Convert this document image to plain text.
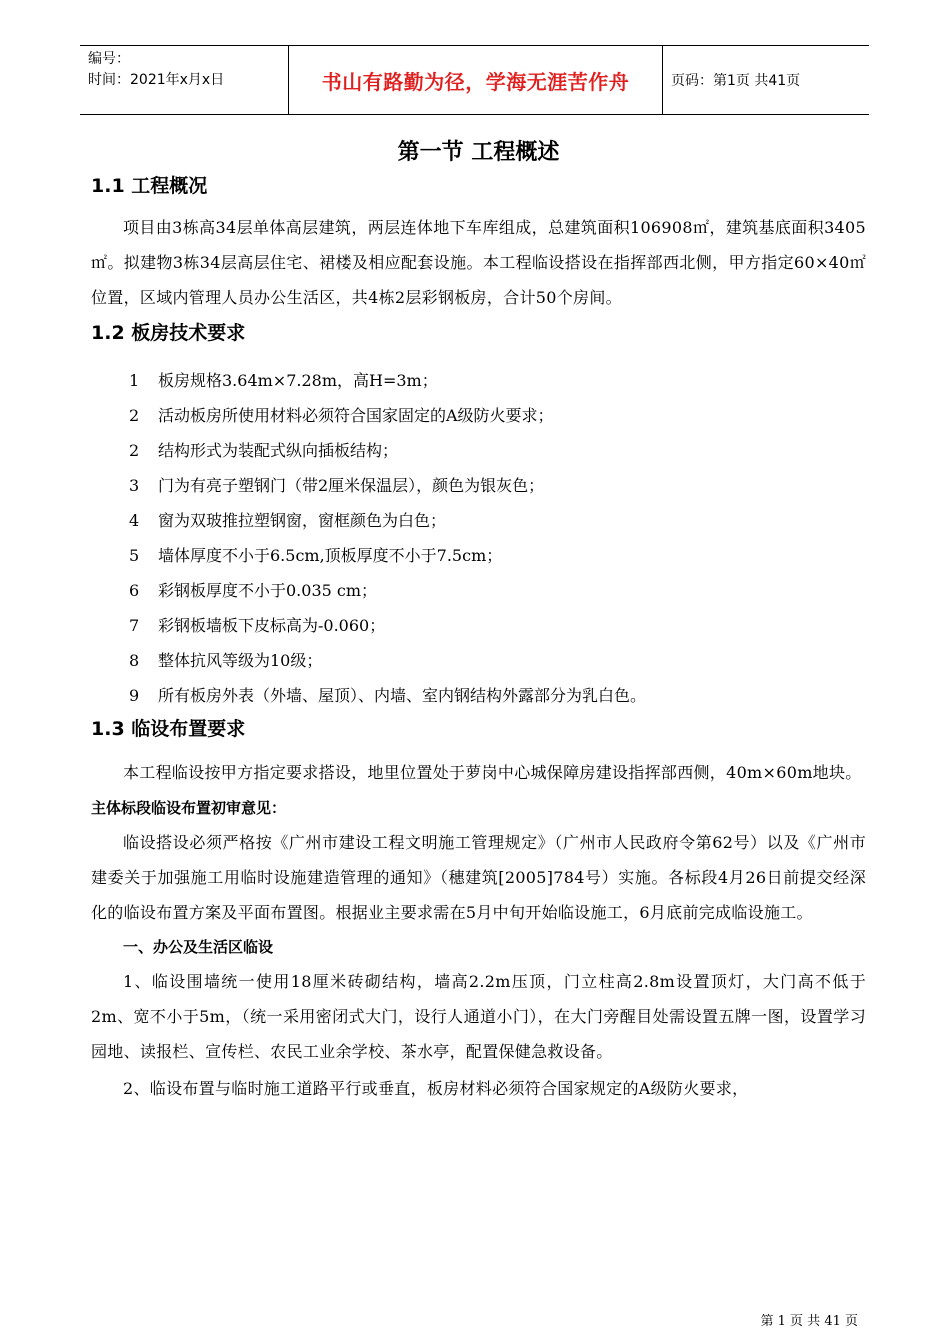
编号：
时间：2021年x月x日	书山有路勤为径，学海无涯苦作舟	页码：第1页 共41页
第一节 工程概述
1.1 工程概况

项目由3栋高34层单体高层建筑，两层连体地下车库组成，总建筑面积106908㎡，建筑基底面积3405㎡。拟建物3栋34层高层住宅、裙楼及相应配套设施。本工程临设搭设在指挥部西北侧，甲方指定60×40㎡位置，区域内管理人员办公生活区，共4栋2层彩钢板房，合计50个房间。

1.2 板房技术要求
1	板房规格3.64m×7.28m，高H=3m；
2	活动板房所使用材料必须符合国家固定的A级防火要求；
2	结构形式为装配式纵向插板结构；
3	门为有亮子塑钢门（带2厘米保温层），颜色为银灰色；
4	窗为双玻推拉塑钢窗，窗框颜色为白色；
5	墙体厚度不小于6.5cm,顶板厚度不小于7.5cm；
6	彩钢板厚度不小于0.035 cm；
7	彩钢板墙板下皮标高为-0.060；
8	整体抗风等级为10级；
9	所有板房外表（外墙、屋顶）、内墙、室内钢结构外露部分为乳白色。
1.3 临设布置要求

本工程临设按甲方指定要求搭设，地里位置处于萝岗中心城保障房建设指挥部西侧，40m×60m地块。

主体标段临设布置初审意见：

临设搭设必须严格按《广州市建设工程文明施工管理规定》（广州市人民政府令第62号）以及《广州市建委关于加强施工用临时设施建造管理的通知》（穗建筑[2005]784号）实施。各标段4月26日前提交经深化的临设布置方案及平面布置图。根据业主要求需在5月中旬开始临设施工，6月底前完成临设施工。

一、办公及生活区临设

1、临设围墙统一使用18厘米砖砌结构，墙高2.2m压顶，门立柱高2.8m设置顶灯，大门高不低于2m、宽不小于5m，（统一采用密闭式大门，设行人通道小门），在大门旁醒目处需设置五牌一图，设置学习园地、读报栏、宣传栏、农民工业余学校、茶水亭，配置保健急救设备。

2、临设布置与临时施工道路平行或垂直，板房材料必须符合国家规定的A级防火要求，

第 1 页 共 41 页
